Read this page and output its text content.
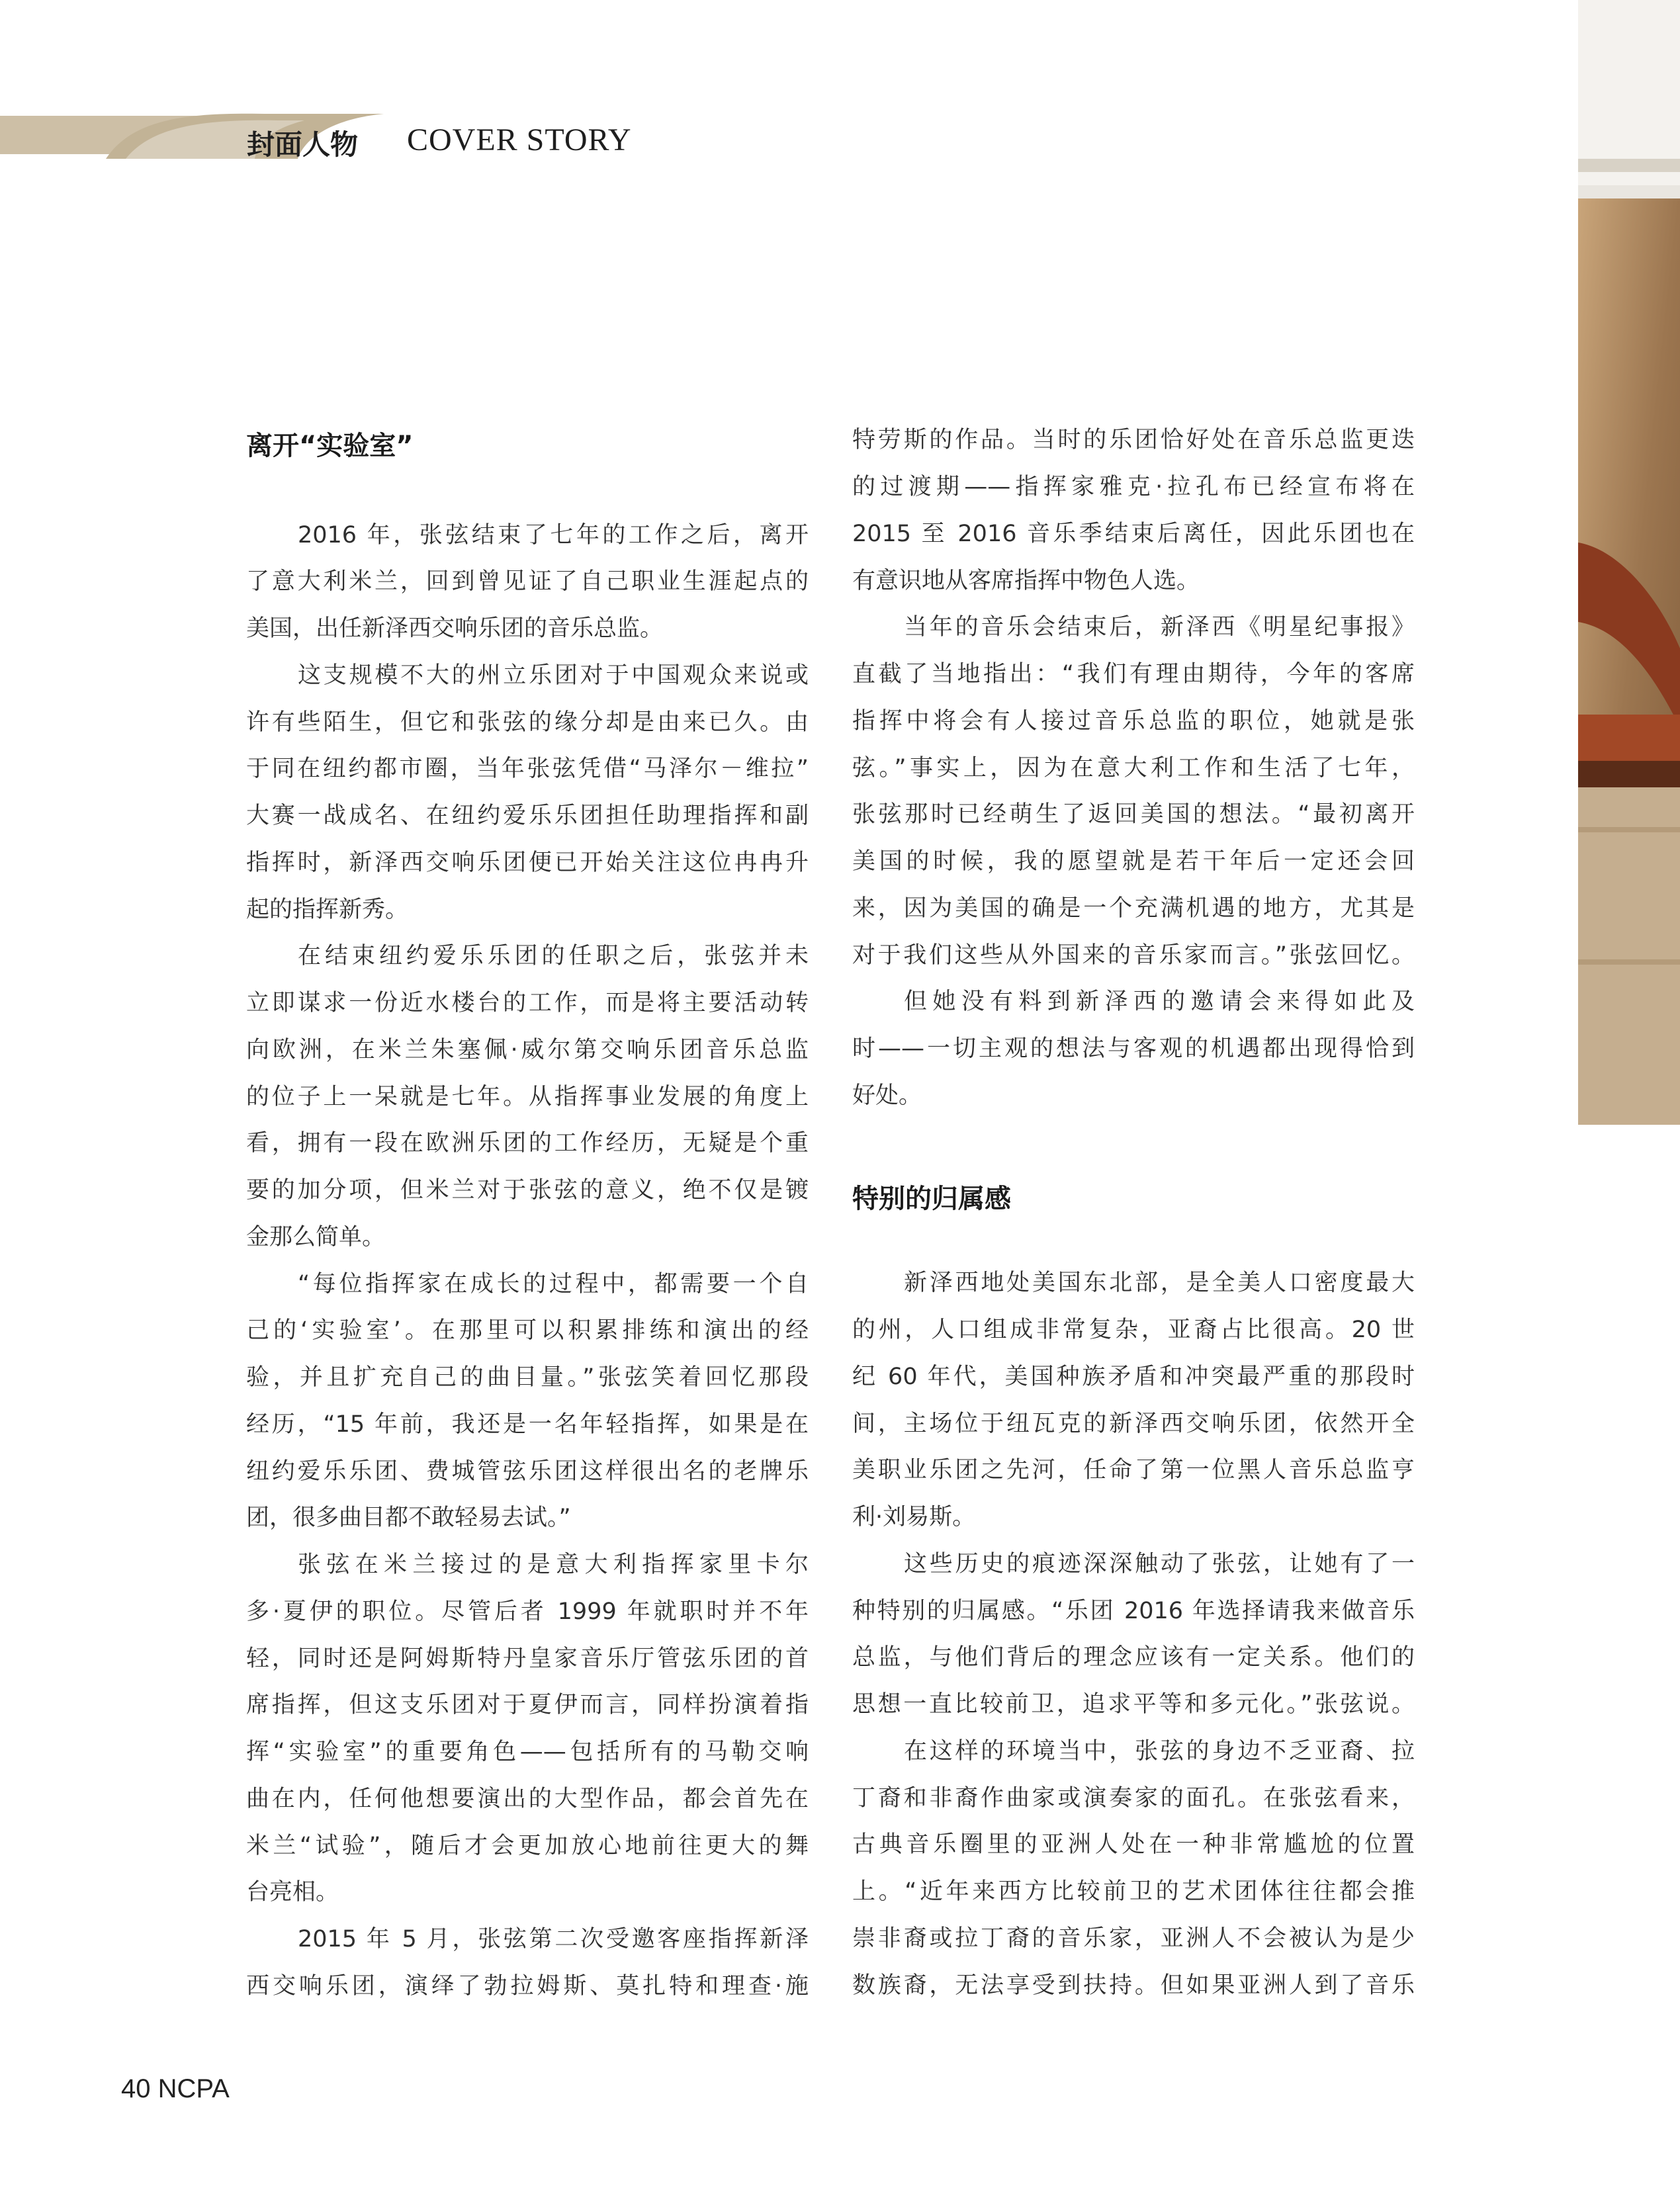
封面人物 COVER STORY
离开“实验室”
2016 年，张弦结束了七年的工作之后，离开
了意大利米兰，回到曾见证了自己职业生涯起点的
美国，出任新泽西交响乐团的音乐总监。
这支规模不大的州立乐团对于中国观众来说或
许有些陌生，但它和张弦的缘分却是由来已久。由
于同在纽约都市圈，当年张弦凭借“马泽尔－维拉”
大赛一战成名、在纽约爱乐乐团担任助理指挥和副
指挥时，新泽西交响乐团便已开始关注这位冉冉升
起的指挥新秀。
在结束纽约爱乐乐团的任职之后，张弦并未
立即谋求一份近水楼台的工作，而是将主要活动转
向欧洲，在米兰朱塞佩·威尔第交响乐团音乐总监
的位子上一呆就是七年。从指挥事业发展的角度上
看，拥有一段在欧洲乐团的工作经历，无疑是个重
要的加分项，但米兰对于张弦的意义，绝不仅是镀
金那么简单。
“每位指挥家在成长的过程中，都需要一个自
己的‘实验室’。在那里可以积累排练和演出的经
验，并且扩充自己的曲目量。”张弦笑着回忆那段
经历，“15 年前，我还是一名年轻指挥，如果是在
纽约爱乐乐团、费城管弦乐团这样很出名的老牌乐
团，很多曲目都不敢轻易去试。”
张弦在米兰接过的是意大利指挥家里卡尔
多·夏伊的职位。尽管后者 1999 年就职时并不年
轻，同时还是阿姆斯特丹皇家音乐厅管弦乐团的首
席指挥，但这支乐团对于夏伊而言，同样扮演着指
挥“实验室”的重要角色——包括所有的马勒交响
曲在内，任何他想要演出的大型作品，都会首先在
米兰“试验”，随后才会更加放心地前往更大的舞
台亮相。
2015 年 5 月，张弦第二次受邀客座指挥新泽
西交响乐团，演绎了勃拉姆斯、莫扎特和理查·施
特劳斯的作品。当时的乐团恰好处在音乐总监更迭
的过渡期——指挥家雅克·拉孔布已经宣布将在
2015 至 2016 音乐季结束后离任，因此乐团也在
有意识地从客席指挥中物色人选。
当年的音乐会结束后，新泽西《明星纪事报》
直截了当地指出：“我们有理由期待，今年的客席
指挥中将会有人接过音乐总监的职位，她就是张
弦。”事实上，因为在意大利工作和生活了七年，
张弦那时已经萌生了返回美国的想法。“最初离开
美国的时候，我的愿望就是若干年后一定还会回
来，因为美国的确是一个充满机遇的地方，尤其是
对于我们这些从外国来的音乐家而言。”张弦回忆。
但她没有料到新泽西的邀请会来得如此及
时——一切主观的想法与客观的机遇都出现得恰到
好处。
特别的归属感
新泽西地处美国东北部，是全美人口密度最大
的州，人口组成非常复杂，亚裔占比很高。20 世
纪 60 年代，美国种族矛盾和冲突最严重的那段时
间，主场位于纽瓦克的新泽西交响乐团，依然开全
美职业乐团之先河，任命了第一位黑人音乐总监亨
利·刘易斯。
这些历史的痕迹深深触动了张弦，让她有了一
种特别的归属感。“乐团 2016 年选择请我来做音乐
总监，与他们背后的理念应该有一定关系。他们的
思想一直比较前卫，追求平等和多元化。”张弦说。
在这样的环境当中，张弦的身边不乏亚裔、拉
丁裔和非裔作曲家或演奏家的面孔。在张弦看来，
古典音乐圈里的亚洲人处在一种非常尴尬的位置
上。“近年来西方比较前卫的艺术团体往往都会推
崇非裔或拉丁裔的音乐家，亚洲人不会被认为是少
数族裔，无法享受到扶持。但如果亚洲人到了音乐
40 NCPA
